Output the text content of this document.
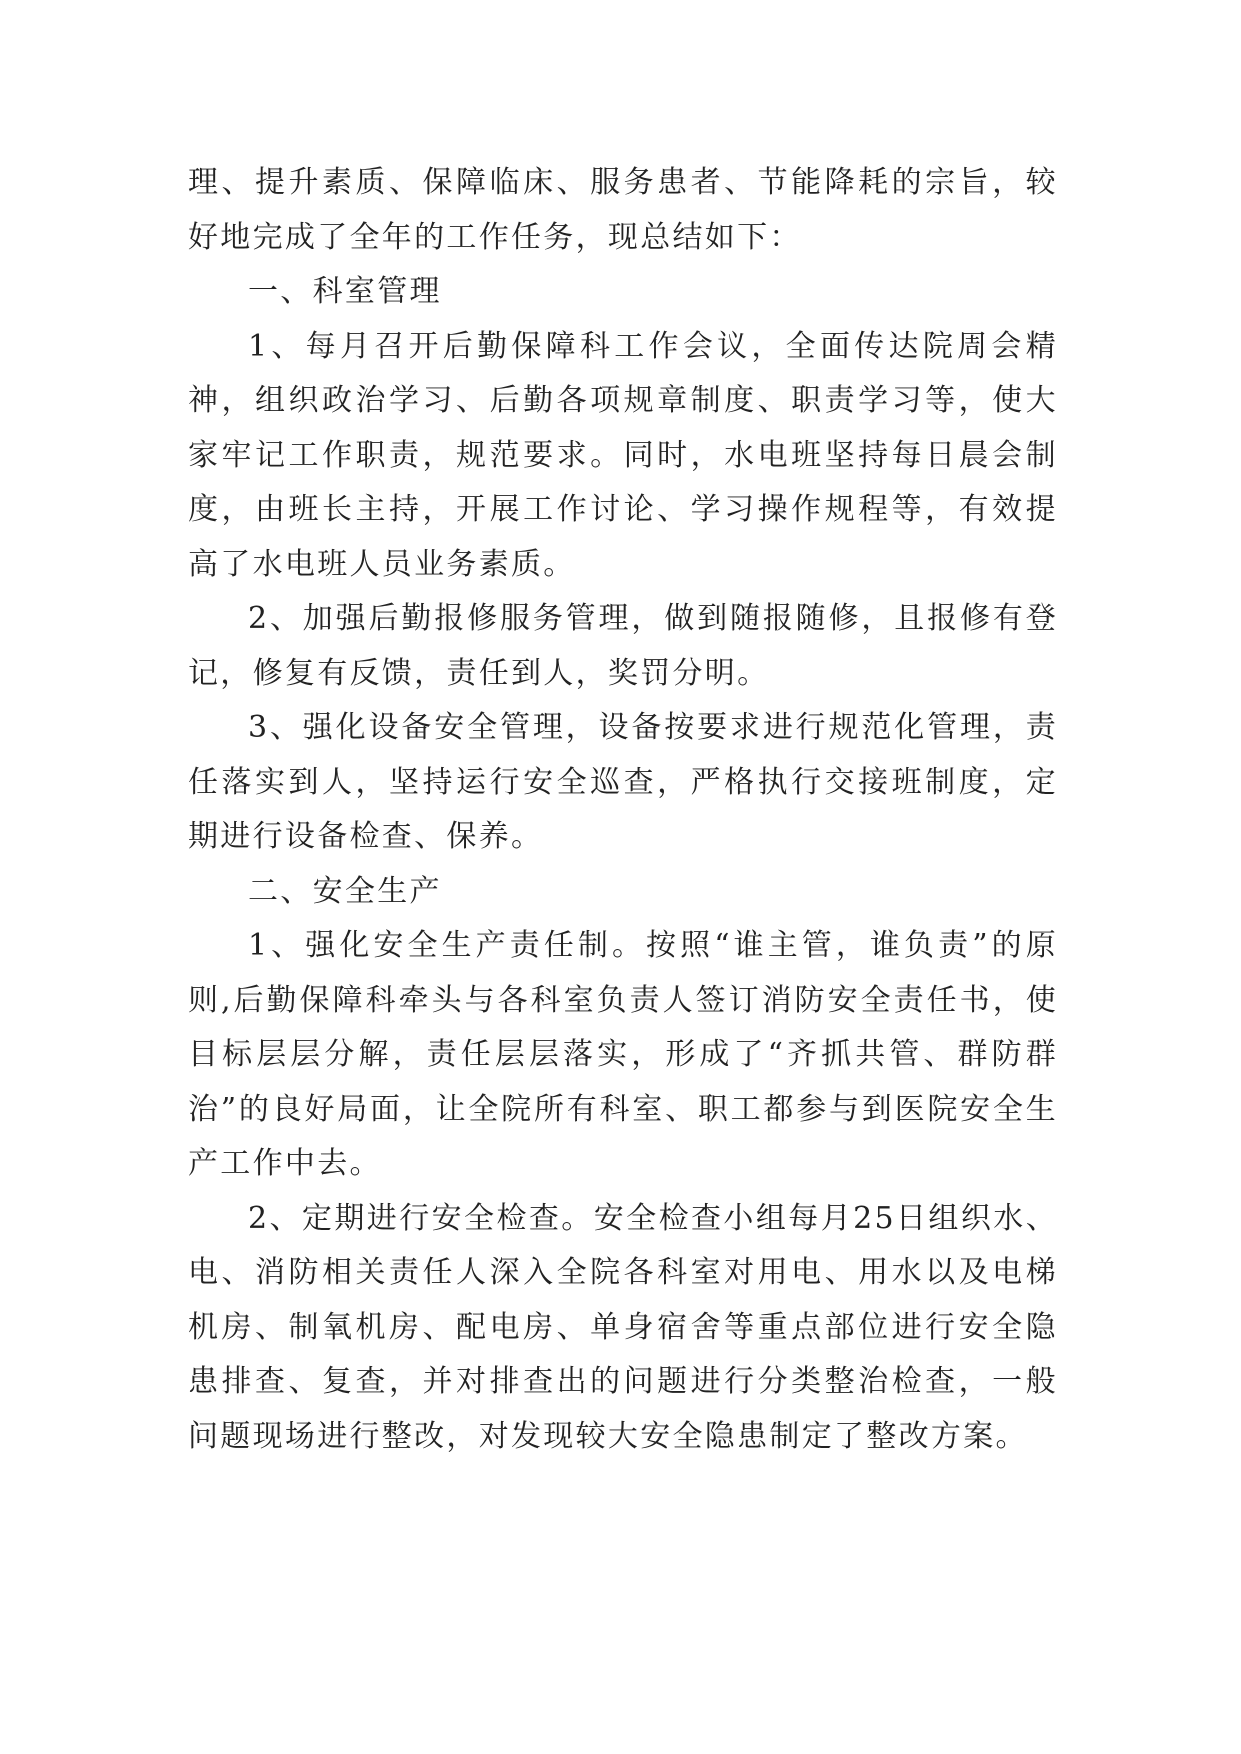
理、提升素质、保障临床、服务患者、节能降耗的宗旨，较好地完成了全年的工作任务，现总结如下：

一、科室管理

1、每月召开后勤保障科工作会议，全面传达院周会精神，组织政治学习、后勤各项规章制度、职责学习等，使大家牢记工作职责，规范要求。同时，水电班坚持每日晨会制度，由班长主持，开展工作讨论、学习操作规程等，有效提高了水电班人员业务素质。

2、加强后勤报修服务管理，做到随报随修，且报修有登记，修复有反馈，责任到人，奖罚分明。

3、强化设备安全管理，设备按要求进行规范化管理，责任落实到人，坚持运行安全巡查，严格执行交接班制度，定期进行设备检查、保养。

二、安全生产

1、强化安全生产责任制。按照“谁主管，谁负责”的原则,后勤保障科牵头与各科室负责人签订消防安全责任书，使目标层层分解，责任层层落实，形成了“齐抓共管、群防群治”的良好局面，让全院所有科室、职工都参与到医院安全生产工作中去。

2、定期进行安全检查。安全检查小组每月25日组织水、电、消防相关责任人深入全院各科室对用电、用水以及电梯机房、制氧机房、配电房、单身宿舍等重点部位进行安全隐患排查、复查，并对排查出的问题进行分类整治检查，一般问题现场进行整改，对发现较大安全隐患制定了整改方案。
